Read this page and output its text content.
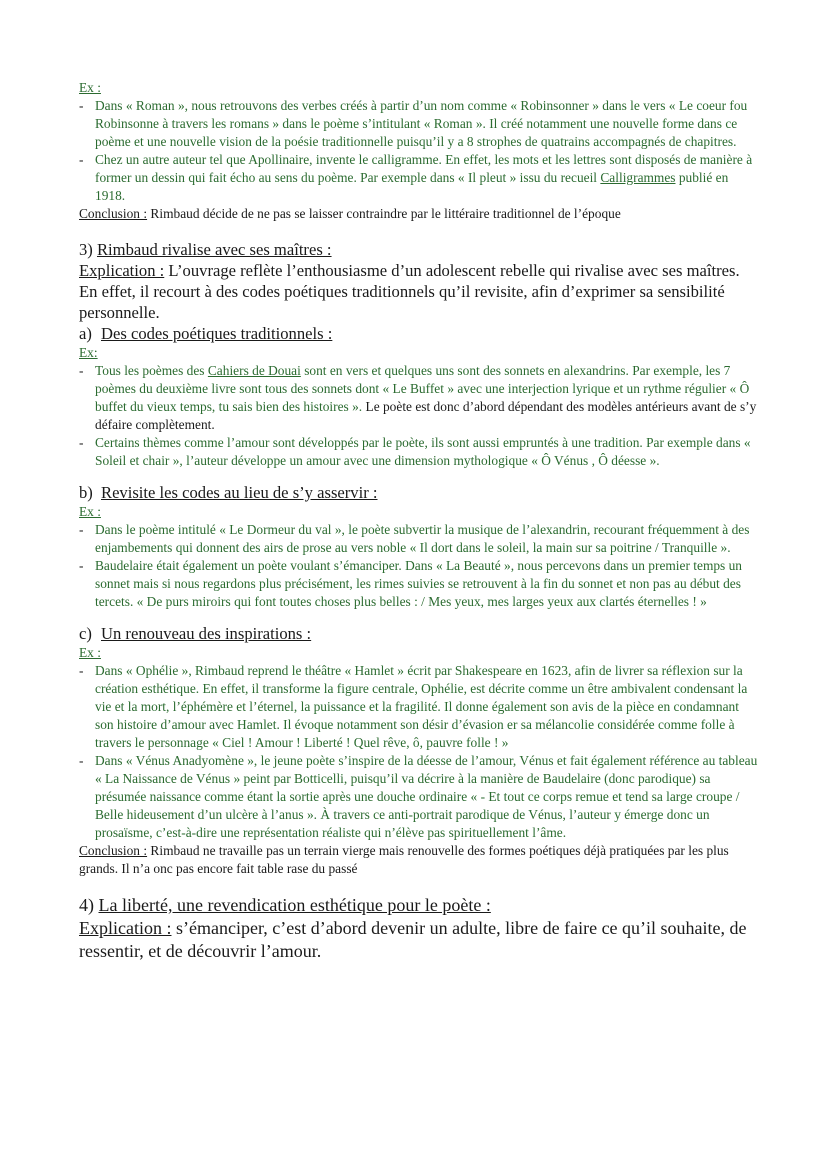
Ex :

- Dans « Roman », nous retrouvons des verbes créés à partir d’un nom comme « Robinsonner » dans le vers « Le coeur fou Robinsonne à travers les romans » dans le poème s’intitulant « Roman ». Il créé notamment une nouvelle forme dans ce poème et une nouvelle vision de la poésie traditionnelle puisqu’il y a 8 strophes de quatrains accompagnés de chapitres.

- Chez un autre auteur tel que Apollinaire, invente le calligramme. En effet, les mots et les lettres sont disposés de manière à former un dessin qui fait écho au sens du poème. Par exemple dans « Il pleut » issu du recueil Calligrammes publié en 1918.

Conclusion : Rimbaud décide de ne pas se laisser contraindre par le littéraire traditionnel de l’époque

3) Rimbaud rivalise avec ses maîtres :

Explication : L’ouvrage reflète l’enthousiasme d’un adolescent rebelle qui rivalise avec ses maîtres. En effet, il recourt à des codes poétiques traditionnels qu’il revisite, afin d’exprimer sa sensibilité personnelle.

a) Des codes poétiques traditionnels :

Ex:

- Tous les poèmes des Cahiers de Douai sont en vers et quelques uns sont des sonnets en alexandrins. Par exemple, les 7 poèmes du deuxième livre sont tous des sonnets dont « Le Buffet » avec une interjection lyrique et un rythme régulier « Ô buffet du vieux temps, tu sais bien des histoires ». Le poète est donc d’abord dépendant des modèles antérieurs avant de s’y défaire complètement.

- Certains thèmes comme l’amour sont développés par le poète, ils sont aussi empruntés à une tradition. Par exemple dans « Soleil et chair », l’auteur développe un amour avec une dimension mythologique « Ô Vénus , Ô déesse ».

b) Revisite les codes au lieu de s’y asservir :

Ex :

- Dans le poème intitulé « Le Dormeur du val », le poète subvertir la musique de l’alexandrin, recourant fréquemment à des enjambements qui donnent des airs de prose au vers noble « Il dort dans le soleil, la main sur sa poitrine / Tranquille ».

- Baudelaire était également un poète voulant s’émanciper. Dans « La Beauté », nous percevons dans un premier temps un sonnet mais si nous regardons plus précisément, les rimes suivies se retrouvent à la fin du sonnet et non pas au début des tercets. « De purs miroirs qui font toutes choses plus belles : / Mes yeux, mes larges yeux aux clartés éternelles ! »

c) Un renouveau des inspirations :

Ex :

- Dans « Ophélie », Rimbaud reprend le théâtre « Hamlet » écrit par Shakespeare en 1623, afin de livrer sa réflexion sur la création esthétique. En effet, il transforme la figure centrale, Ophélie, est décrite comme un être ambivalent condensant la vie et la mort, l’éphémère et l’éternel, la puissance et la fragilité. Il donne également son avis de la pièce en condamnant son histoire d’amour avec Hamlet. Il évoque notamment son désir d’évasion er sa mélancolie considérée comme folle à travers le personnage « Ciel ! Amour ! Liberté ! Quel rêve, ô, pauvre folle ! »

- Dans « Vénus Anadyomène », le jeune poète s’inspire de la déesse de l’amour, Vénus et fait également référence au tableau « La Naissance de Vénus » peint par Botticelli, puisqu’il va décrire à la manière de Baudelaire (donc parodique) sa présumée naissance comme étant la sortie après une douche ordinaire « - Et tout ce corps remue et tend sa large croupe / Belle hideusement d’un ulcère à l’anus ». À travers ce anti-portrait parodique de Vénus, l’auteur y émerge donc un prosaïsme, c’est-à-dire une représentation réaliste qui n’élève pas spirituellement l’âme.

Conclusion : Rimbaud ne travaille pas un terrain vierge mais renouvelle des formes poétiques déjà pratiquées par les plus grands. Il n’a onc pas encore fait table rase du passé

4) La liberté, une revendication esthétique pour le poète :

Explication : s’émanciper, c’est d’abord devenir un adulte, libre de faire ce qu’il souhaite, de ressentir, et de découvrir l’amour.
